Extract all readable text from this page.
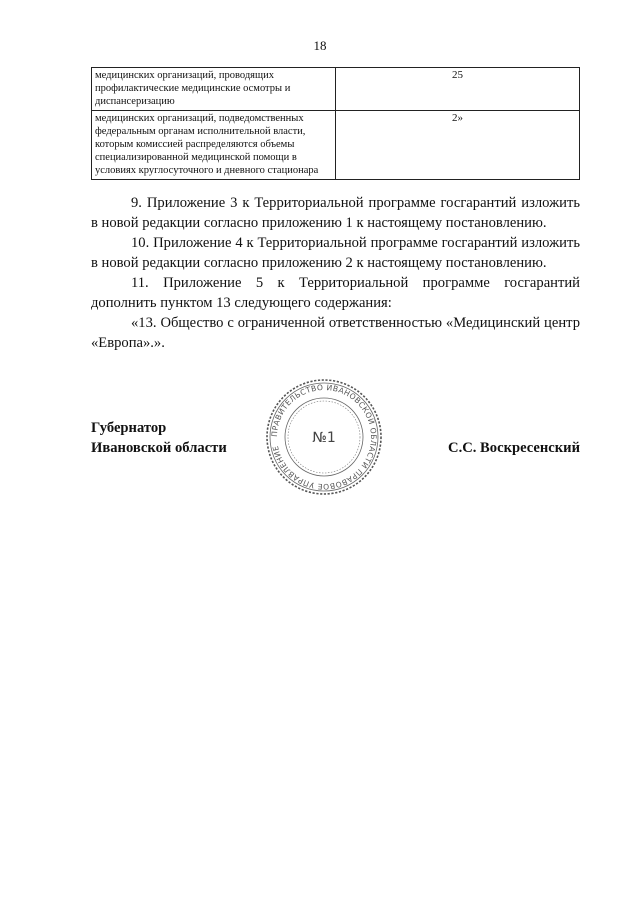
18
медицинских организаций, проводящих профилактические медицинские осмотры и диспансеризацию	25
медицинских организаций, подведомственных федеральным органам исполнительной власти, которым комиссией распределяются объемы специализированной медицинской помощи в условиях круглосуточного и дневного стационара	2»

9. Приложение 3 к Территориальной программе госгарантий изложить в новой редакции согласно приложению 1 к настоящему постановлению.

10. Приложение 4 к Территориальной программе госгарантий изложить в новой редакции согласно приложению 2 к настоящему постановлению.

11. Приложение 5 к Территориальной программе госгарантий дополнить пунктом 13 следующего содержания:

«13. Общество с ограниченной ответственностью «Медицинский центр «Европа».».

Губернатор
Ивановской области	С.С. Воскресенский
ПРАВИТЕЛЬСТВО ИВАНОВСКОЙ ОБЛАСТИ ПРАВОВОЕ УПРАВЛЕНИЕ
№1
